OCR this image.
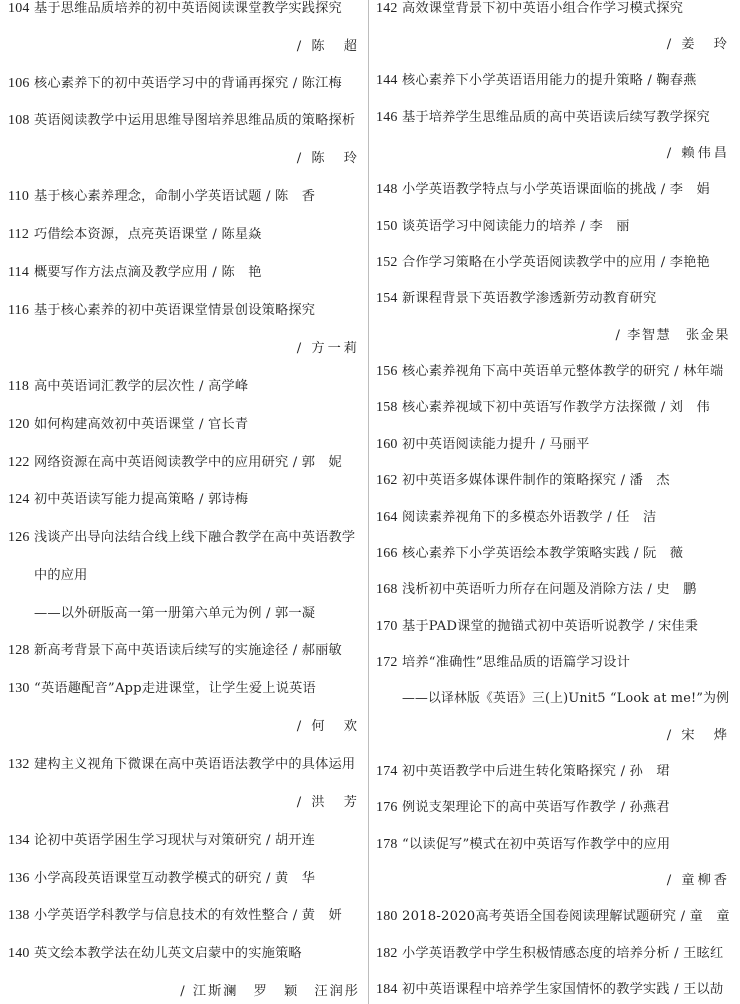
104 基于思维品质培养的初中英语阅读课堂教学实践探究
/ 陈　超
106 核心素养下的初中英语学习中的背诵再探究 / 陈江梅
108 英语阅读教学中运用思维导图培养思维品质的策略探析
/ 陈　玲
110 基于核心素养理念，命制小学英语试题 / 陈　香
112 巧借绘本资源，点亮英语课堂 / 陈星焱
114 概要写作方法点滴及教学应用 / 陈　艳
116 基于核心素养的初中英语课堂情景创设策略探究
/ 方一莉
118 高中英语词汇教学的层次性 / 高学峰
120 如何构建高效初中英语课堂 / 官长青
122 网络资源在高中英语阅读教学中的应用研究 / 郭　妮
124 初中英语读写能力提高策略 / 郭诗梅
126 浅谈产出导向法结合线上线下融合教学在高中英语教学
中的应用
——以外研版高一第一册第六单元为例 / 郭一凝
128 新高考背景下高中英语读后续写的实施途径 / 郝丽敏
130 “英语趣配音”App走进课堂，让学生爱上说英语
/ 何　欢
132 建构主义视角下微课在高中英语语法教学中的具体运用
/ 洪　芳
134 论初中英语学困生学习现状与对策研究 / 胡开连
136 小学高段英语课堂互动教学模式的研究 / 黄　华
138 小学英语学科教学与信息技术的有效性整合 / 黄　妍
140 英文绘本教学法在幼儿英文启蒙中的实施策略
/ 江斯澜　罗　颖　汪润彤
142 高效课堂背景下初中英语小组合作学习模式探究
/ 姜　玲
144 核心素养下小学英语语用能力的提升策略 / 鞠春燕
146 基于培养学生思维品质的高中英语读后续写教学探究
/ 赖伟昌
148 小学英语教学特点与小学英语课面临的挑战 / 李　娟
150 谈英语学习中阅读能力的培养 / 李　丽
152 合作学习策略在小学英语阅读教学中的应用 / 李艳艳
154 新课程背景下英语教学渗透新劳动教育研究
/ 李智慧　张金果
156 核心素养视角下高中英语单元整体教学的研究 / 林年端
158 核心素养视域下初中英语写作教学方法探微 / 刘　伟
160 初中英语阅读能力提升 / 马丽平
162 初中英语多媒体课件制作的策略探究 / 潘　杰
164 阅读素养视角下的多模态外语教学 / 任　洁
166 核心素养下小学英语绘本教学策略实践 / 阮　薇
168 浅析初中英语听力所存在问题及消除方法 / 史　鹏
170 基于PAD课堂的抛锚式初中英语听说教学 / 宋佳秉
172 培养“准确性”思维品质的语篇学习设计
——以译林版《英语》三(上)Unit5 “Look at me!”为例
/ 宋　烨
174 初中英语教学中后进生转化策略探究 / 孙　珺
176 例说支架理论下的高中英语写作教学 / 孙燕君
178 “以读促写”模式在初中英语写作教学中的应用
/ 童柳香
180 2018-2020高考英语全国卷阅读理解试题研究 / 童　童
182 小学英语教学中学生积极情感态度的培养分析 / 王眩红
184 初中英语课程中培养学生家国情怀的教学实践 / 王以劼
